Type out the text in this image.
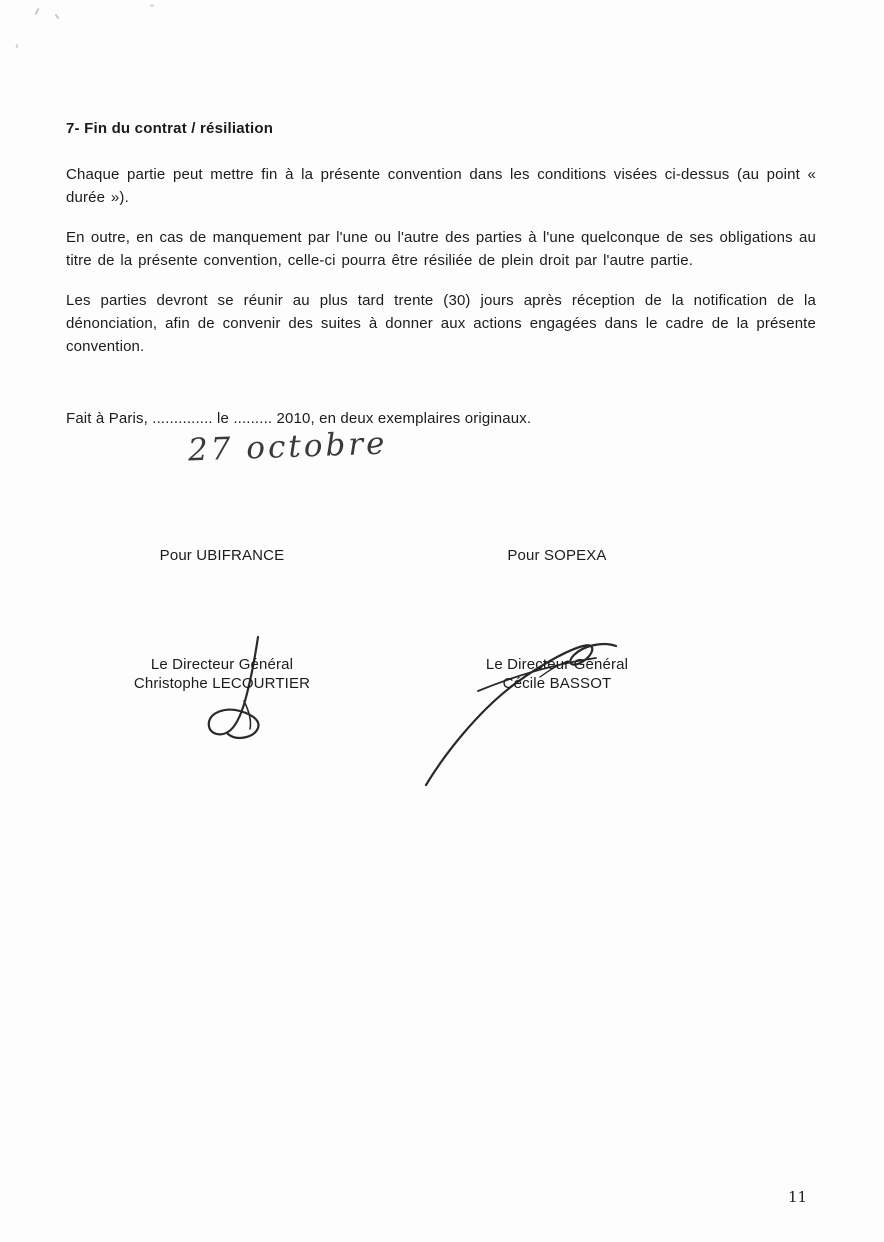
7- Fin du contrat / résiliation

Chaque partie peut mettre fin à la présente convention dans les conditions visées ci-dessus (au point « durée »).

En outre, en cas de manquement par l'une ou l'autre des parties à l'une quelconque de ses obligations au titre de la présente convention, celle-ci pourra être résiliée de plein droit par l'autre partie.

Les parties devront se réunir au plus tard trente (30) jours après réception de la notification de la dénonciation, afin de convenir des suites à donner aux actions engagées dans le cadre de la présente convention.

Fait à Paris, .............. le ......... 2010, en deux exemplaires originaux.
27 octobre
Pour UBIFRANCE
Le Directeur Général
Christophe LECOURTIER
Pour SOPEXA
Le Directeur Général
Cécile BASSOT
11
